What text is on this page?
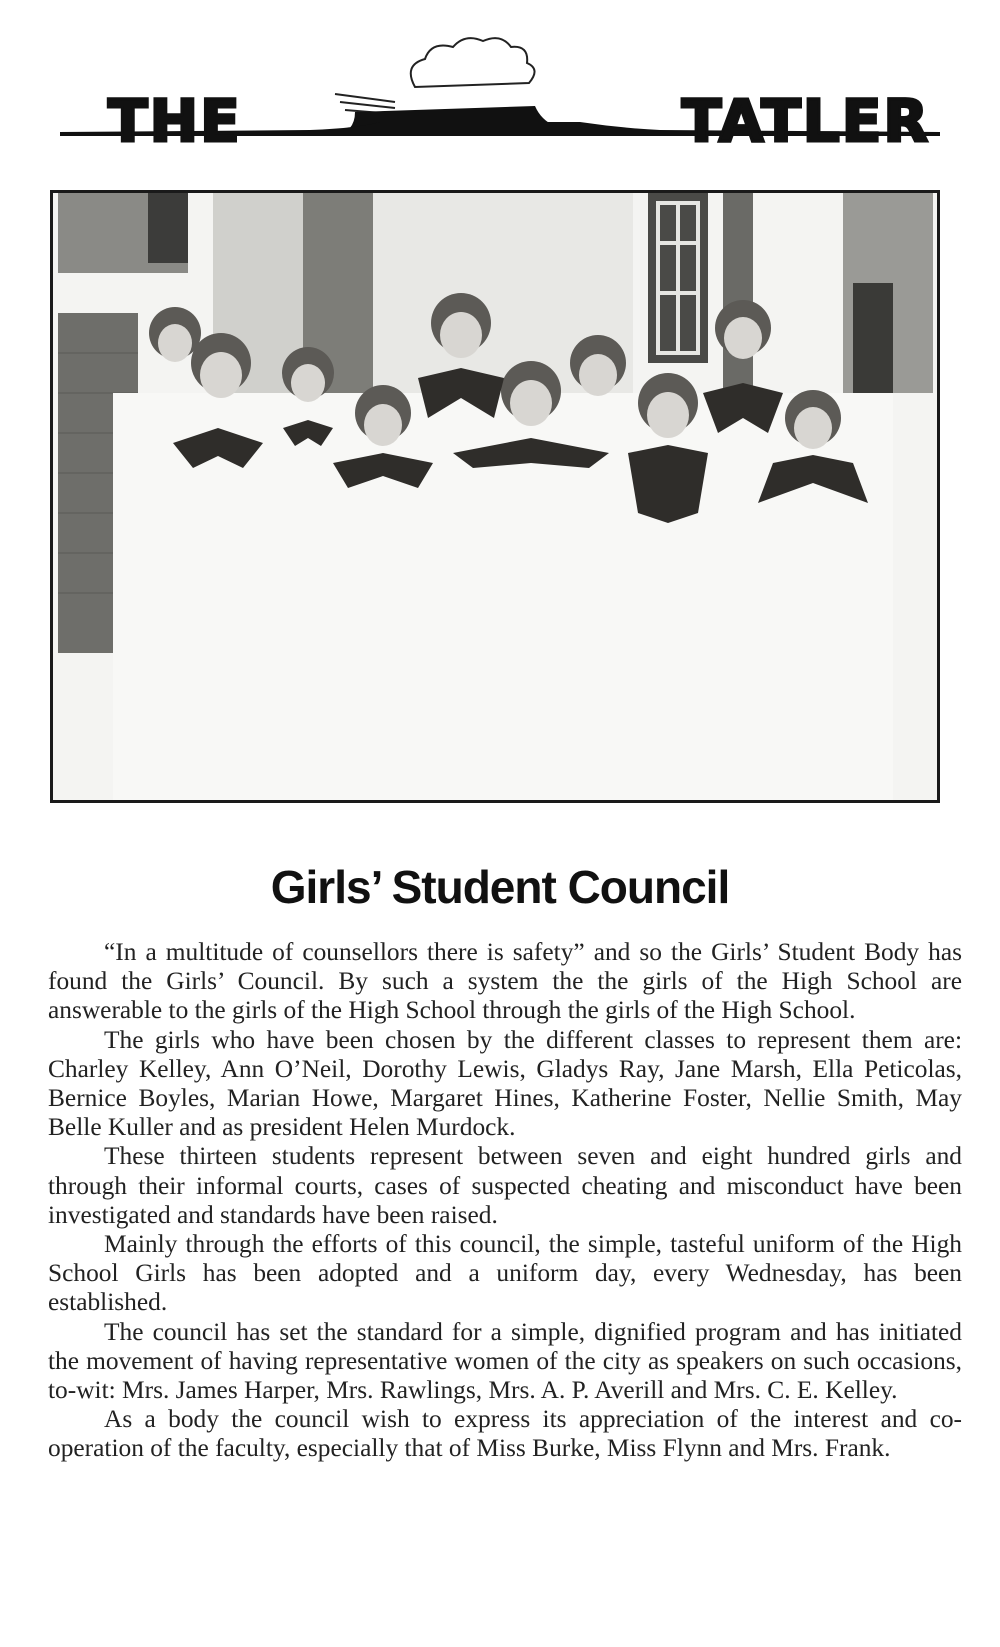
THE	TATLER
Girls’ Student Council

“In a multitude of counsellors there is safety” and so the Girls’ Student Body has found the Girls’ Council. By such a system the the girls of the High School are answerable to the girls of the High School through the girls of the High School.

The girls who have been chosen by the different classes to represent them are: Charley Kelley, Ann O’Neil, Dorothy Lewis, Gladys Ray, Jane Marsh, Ella Peticolas, Bernice Boyles, Marian Howe, Margaret Hines, Katherine Foster, Nellie Smith, May Belle Kuller and as president Helen Murdock.

These thirteen students represent between seven and eight hundred girls and through their informal courts, cases of suspected cheating and misconduct have been investigated and standards have been raised.

Mainly through the efforts of this council, the simple, tasteful uniform of the High School Girls has been adopted and a uniform day, every Wednesday, has been established.

The council has set the standard for a simple, dignified program and has initiated the movement of having representative women of the city as speakers on such occasions, to-wit: Mrs. James Harper, Mrs. Rawlings, Mrs. A. P. Averill and Mrs. C. E. Kelley.

As a body the council wish to express its appreciation of the interest and co-operation of the faculty, especially that of Miss Burke, Miss Flynn and Mrs. Frank.
